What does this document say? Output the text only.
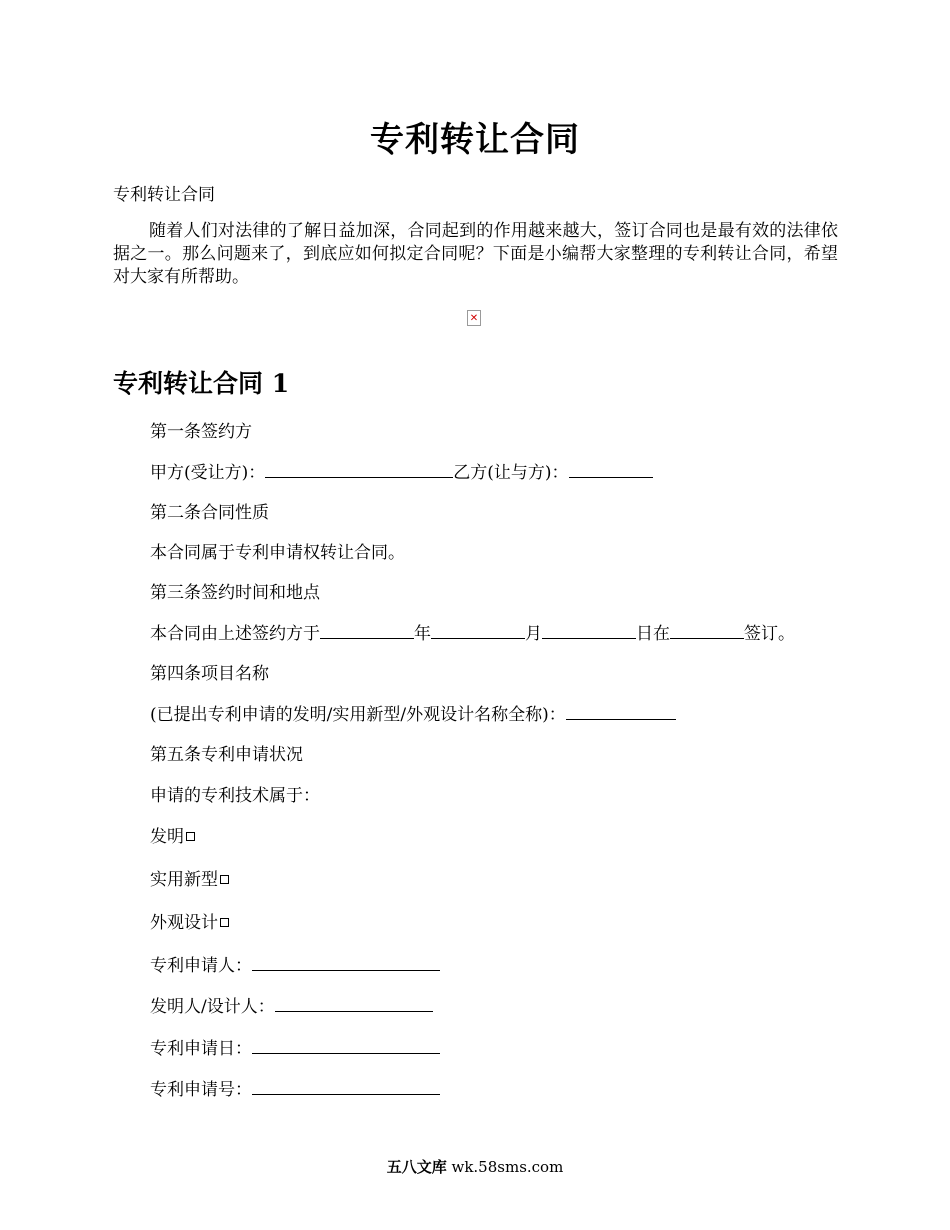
专利转让合同
专利转让合同
随着人们对法律的了解日益加深，合同起到的作用越来越大，签订合同也是最有效的法律依据之一。那么问题来了，到底应如何拟定合同呢？下面是小编帮大家整理的专利转让合同，希望对大家有所帮助。
✕
专利转让合同 1
第一条签约方
甲方(受让方)：	乙方(让与方)：
第二条合同性质
本合同属于专利申请权转让合同。
第三条签约时间和地点
本合同由上述签约方于	年	月	日在	签订。
第四条项目名称
(已提出专利申请的发明/实用新型/外观设计名称全称)：
第五条专利申请状况
申请的专利技术属于：
发明
实用新型
外观设计
专利申请人：
发明人/设计人：
专利申请日：
专利申请号：
五八文库 wk.58sms.com
